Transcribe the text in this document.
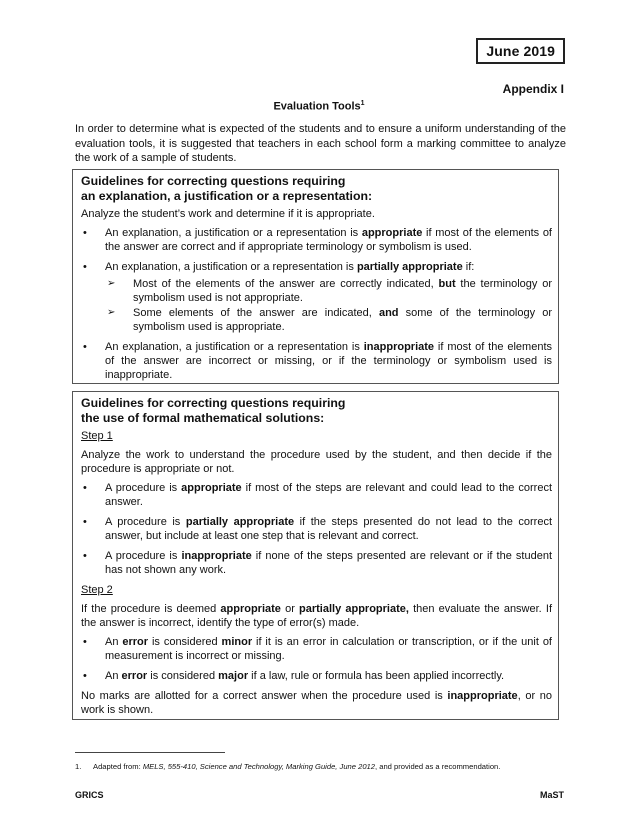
June 2019
Appendix I
Evaluation Tools$^1$
In order to determine what is expected of the students and to ensure a uniform understanding of the evaluation tools, it is suggested that teachers in each school form a marking committee to analyze the work of a sample of students.
Guidelines for correcting questions requiring
an explanation, a justification or a representation:

Analyze the student’s work and determine if it is appropriate.

•	An explanation, a justification or a representation is appropriate if most of the elements of the answer are correct and if appropriate terminology or symbolism is used.
•	An explanation, a justification or a representation is partially appropriate if:
➢	Most of the elements of the answer are correctly indicated, but the terminology or symbolism used is not appropriate.
➢	Some elements of the answer are indicated, and some of the terminology or symbolism used is appropriate.
•	An explanation, a justification or a representation is inappropriate if most of the elements of the answer are incorrect or missing, or if the terminology or symbolism used is inappropriate.
Guidelines for correcting questions requiring
the use of formal mathematical solutions:

Step 1

Analyze the work to understand the procedure used by the student, and then decide if the procedure is appropriate or not.

•	A procedure is appropriate if most of the steps are relevant and could lead to the correct answer.
•	A procedure is partially appropriate if the steps presented do not lead to the correct answer, but include at least one step that is relevant and correct.
•	A procedure is inappropriate if none of the steps presented are relevant or if the student has not shown any work.

Step 2

If the procedure is deemed appropriate or partially appropriate, then evaluate the answer. If the answer is incorrect, identify the type of error(s) made.

•	An error is considered minor if it is an error in calculation or transcription, or if the unit of measurement is incorrect or missing.
•	An error is considered major if a law, rule or formula has been applied incorrectly.

No marks are allotted for a correct answer when the procedure used is inappropriate, or no work is shown.

1. Adapted from: MELS, 555-410, Science and Technology, Marking Guide, June 2012, and provided as a recommendation.
GRICS	MaST
